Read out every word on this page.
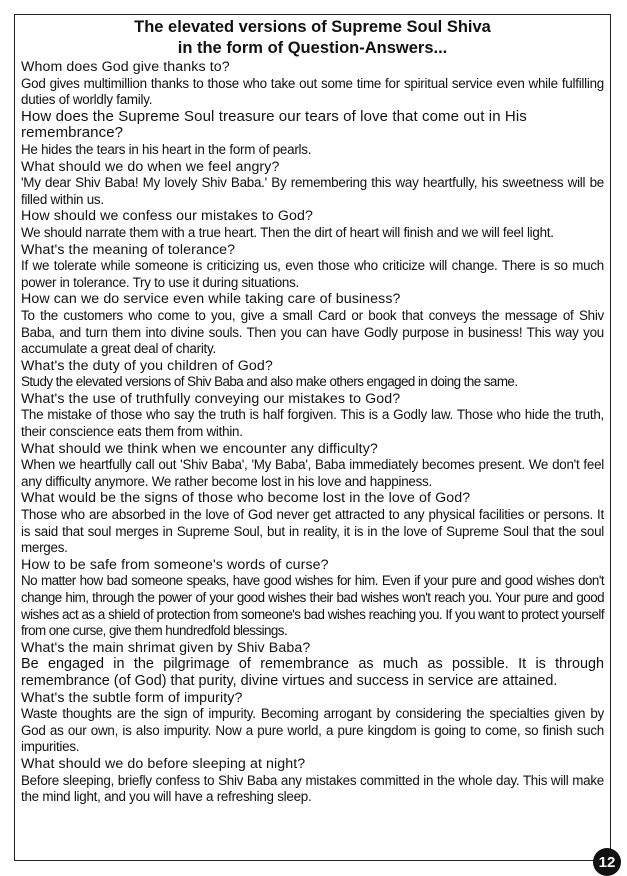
The elevated versions of Supreme Soul Shiva
in the form of Question-Answers...

Whom does God give thanks to?

God gives multimillion thanks to those who take out some time for spiritual service even while fulfilling duties of worldly family.

How does the Supreme Soul treasure our tears of love that come out in His remembrance?

He hides the tears in his heart in the form of pearls.

What should we do when we feel angry?

'My dear Shiv Baba! My lovely Shiv Baba.' By remembering this way heartfully, his sweetness will be filled within us.

How should we confess our mistakes to God?

We should narrate them with a true heart. Then the dirt of heart will finish and we will feel light.

What's the meaning of tolerance?

If we tolerate while someone is criticizing us, even those who criticize will change. There is so much power in tolerance. Try to use it during situations.

How can we do service even while taking care of business?

To the customers who come to you, give a small Card or book that conveys the message of Shiv Baba, and turn them into divine souls. Then you can have Godly purpose in business! This way you accumulate a great deal of charity.

What's the duty of you children of God?

Study the elevated versions of Shiv Baba and also make others engaged in doing the same.

What's the use of truthfully conveying our mistakes to God?

The mistake of those who say the truth is half forgiven. This is a Godly law. Those who hide the truth, their conscience eats them from within.

What should we think when we encounter any difficulty?

When we heartfully call out 'Shiv Baba', 'My Baba', Baba immediately becomes present. We don't feel any difficulty anymore. We rather become lost in his love and happiness.

What would be the signs of those who become lost in the love of God?

Those who are absorbed in the love of God never get attracted to any physical facilities or persons. It is said that soul merges in Supreme Soul, but in reality, it is in the love of Supreme Soul that the soul merges.

How to be safe from someone's words of curse?

No matter how bad someone speaks, have good wishes for him. Even if your pure and good wishes don't change him, through the power of your good wishes their bad wishes won't reach you. Your pure and good wishes act as a shield of protection from someone's bad wishes reaching you. If you want to protect yourself from one curse, give them hundredfold blessings.

What's the main shrimat given by Shiv Baba?

Be engaged in the pilgrimage of remembrance as much as possible. It is through remembrance (of God) that purity, divine virtues and success in service are attained.

What's the subtle form of impurity?

Waste thoughts are the sign of impurity. Becoming arrogant by considering the specialties given by God as our own, is also impurity. Now a pure world, a pure kingdom is going to come, so finish such impurities.

What should we do before sleeping at night?

Before sleeping, briefly confess to Shiv Baba any mistakes committed in the whole day. This will make the mind light, and you will have a refreshing sleep.

12
